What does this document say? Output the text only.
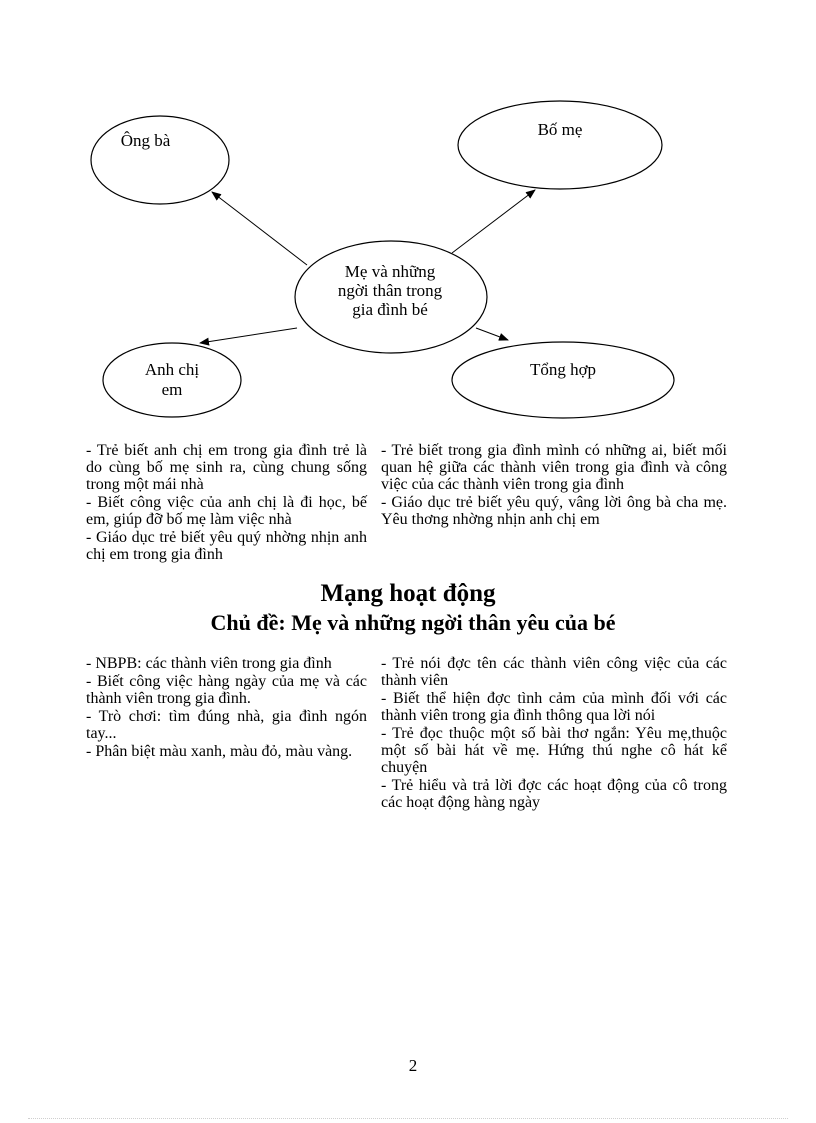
Ông bà
Bố mẹ
Mẹ và những ngời thân trong gia đình bé
Anh chị em
Tổng hợp

- Trẻ biết anh chị em trong gia đình trẻ là do cùng bố mẹ sinh ra, cùng chung sống trong một mái nhà

- Biết công việc của anh chị là đi học, bế em, giúp đỡ bố mẹ làm việc nhà

- Giáo dục trẻ biết yêu quý nhờng nhịn anh chị em trong gia đình

- Trẻ biết trong gia đình mình có những ai, biết mối quan hệ giữa các thành viên trong gia đình và công việc của các thành viên trong gia đình

- Giáo dục trẻ biết yêu quý, vâng lời ông bà cha mẹ. Yêu thơng nhờng nhịn anh chị em

Mạng hoạt động
Chủ đề: Mẹ và những ngời thân yêu của bé

- NBPB: các thành viên trong gia đình

- Biết công việc hàng ngày của mẹ và các thành viên trong gia đình.

- Trò chơi: tìm đúng nhà, gia đình ngón tay...

- Phân biệt màu xanh, màu đỏ, màu vàng.

- Trẻ nói đợc tên các thành viên công việc của các thành viên

- Biết thể hiện đợc tình cảm của mình đối với các thành viên trong gia đình thông qua lời nói

- Trẻ đọc thuộc một số bài thơ ngắn: Yêu mẹ,thuộc một số bài hát về mẹ. Hứng thú nghe cô hát kể chuyện

- Trẻ hiểu và trả lời đợc các hoạt động của cô trong các hoạt động hàng ngày

2
